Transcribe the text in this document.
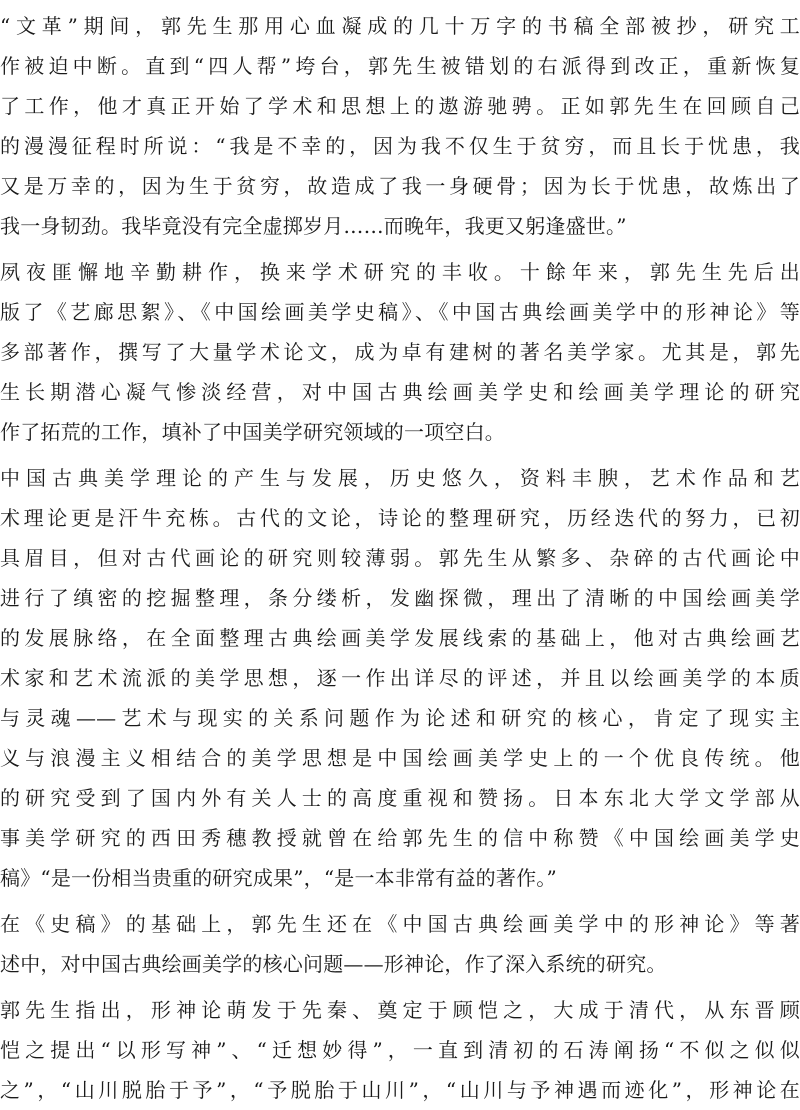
“文革”期间，郭先生那用心血凝成的几十万字的书稿全部被抄，研究工
作被迫中断。直到“四人帮”垮台，郭先生被错划的右派得到改正，重新恢复
了工作，他才真正开始了学术和思想上的遨游驰骋。正如郭先生在回顾自己
的漫漫征程时所说：“我是不幸的，因为我不仅生于贫穷，而且长于忧患，我
又是万幸的，因为生于贫穷，故造成了我一身硬骨；因为长于忧患，故炼出了
我一身韧劲。我毕竟没有完全虚掷岁月……而晚年，我更又躬逢盛世。”
夙夜匪懈地辛勤耕作，换来学术研究的丰收。十餘年来，郭先生先后出
版了《艺廊思絮》、《中国绘画美学史稿》、《中国古典绘画美学中的形神论》等
多部著作，撰写了大量学术论文，成为卓有建树的著名美学家。尤其是，郭先
生长期潜心凝气惨淡经营，对中国古典绘画美学史和绘画美学理论的研究
作了拓荒的工作，填补了中国美学研究领域的一项空白。
中国古典美学理论的产生与发展，历史悠久，资料丰腴，艺术作品和艺
术理论更是汗牛充栋。古代的文论，诗论的整理研究，历经迭代的努力，已初
具眉目，但对古代画论的研究则较薄弱。郭先生从繁多、杂碎的古代画论中
进行了缜密的挖掘整理，条分缕析，发幽探微，理出了清晰的中国绘画美学
的发展脉络，在全面整理古典绘画美学发展线索的基础上，他对古典绘画艺
术家和艺术流派的美学思想，逐一作出详尽的评述，并且以绘画美学的本质
与灵魂——艺术与现实的关系问题作为论述和研究的核心，肯定了现实主
义与浪漫主义相结合的美学思想是中国绘画美学史上的一个优良传统。他
的研究受到了国内外有关人士的高度重视和赞扬。日本东北大学文学部从
事美学研究的西田秀穗教授就曾在给郭先生的信中称赞《中国绘画美学史
稿》“是一份相当贵重的研究成果”，“是一本非常有益的著作。”
在《史稿》的基础上，郭先生还在《中国古典绘画美学中的形神论》等著
述中，对中国古典绘画美学的核心问题——形神论，作了深入系统的研究。
郭先生指出，形神论萌发于先秦、奠定于顾恺之，大成于清代，从东晋顾
恺之提出“以形写神”、“迁想妙得”，一直到清初的石涛阐扬“不似之似似
之”，“山川脱胎于予”，“予脱胎于山川”，“山川与予神遇而迹化”，形神论在
